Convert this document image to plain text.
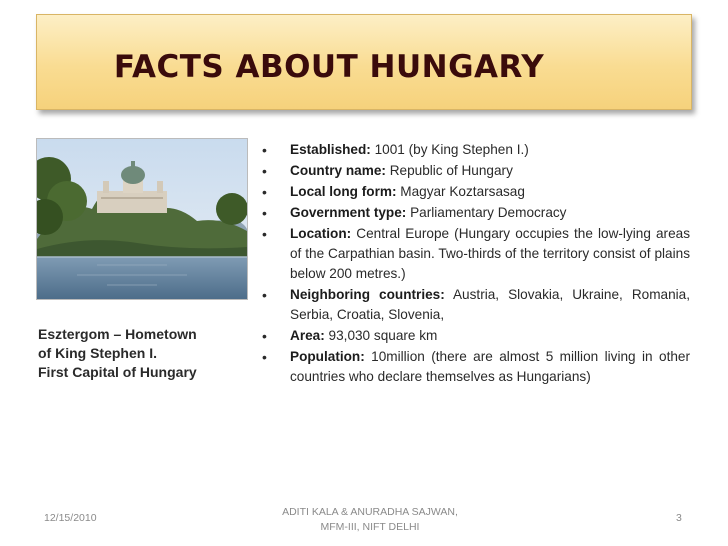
FACTS ABOUT HUNGARY
Esztergom – Hometown
of King Stephen I.
First Capital of Hungary
• Established: 1001 (by King Stephen I.)
• Country name: Republic of Hungary
• Local long form: Magyar Koztarsasag
• Government type: Parliamentary Democracy
• Location: Central Europe (Hungary occupies the low-lying areas of the Carpathian basin. Two-thirds of the territory consist of plains below 200 metres.)
• Neighboring countries: Austria, Slovakia, Ukraine, Romania, Serbia, Croatia, Slovenia,
• Area: 93,030 square km
• Population: 10million (there are almost 5 million living in other countries who declare themselves as Hungarians)
12/15/2010	ADITI KALA & ANURADHA SAJWAN,
MFM-III, NIFT DELHI
3
